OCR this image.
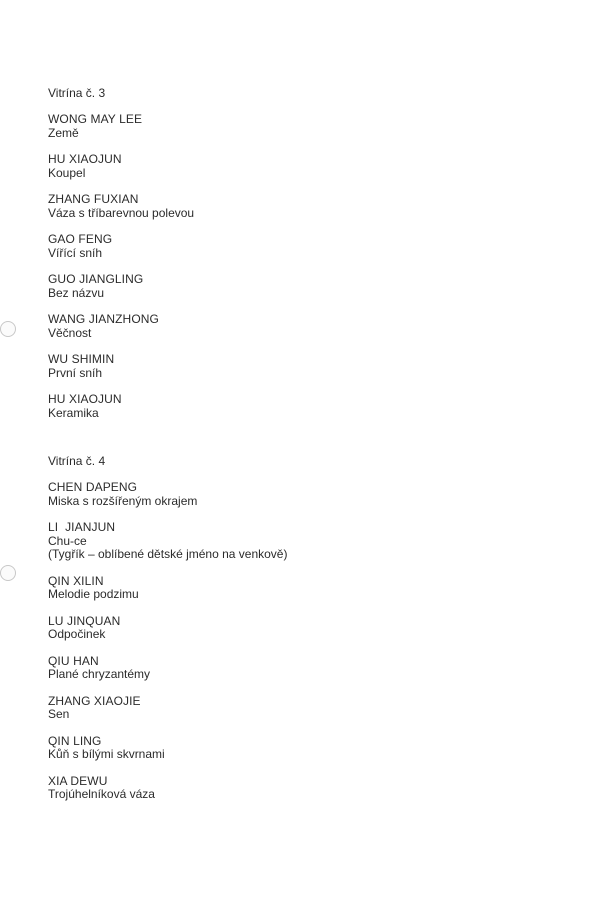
Vitrína č. 3
WONG MAY LEE
Země
HU XIAOJUN
Koupel
ZHANG FUXIAN
Váza s tříbarevnou polevou
GAO FENG
Vířící sníh
GUO JIANGLING
Bez názvu
WANG JIANZHONG
Věčnost
WU SHIMIN
První sníh
HU XIAOJUN
Keramika
Vitrína č. 4
CHEN DAPENG
Miska s rozšířeným okrajem
LI  JIANJUN
Chu-ce
(Tygřík – oblíbené dětské jméno na venkově)
QIN XILIN
Melodie podzimu
LU JINQUAN
Odpočinek
QIU HAN
Plané chryzantémy
ZHANG XIAOJIE
Sen
QIN LING
Kůň s bílými skvrnami
XIA DEWU
Trojúhelníková váza
